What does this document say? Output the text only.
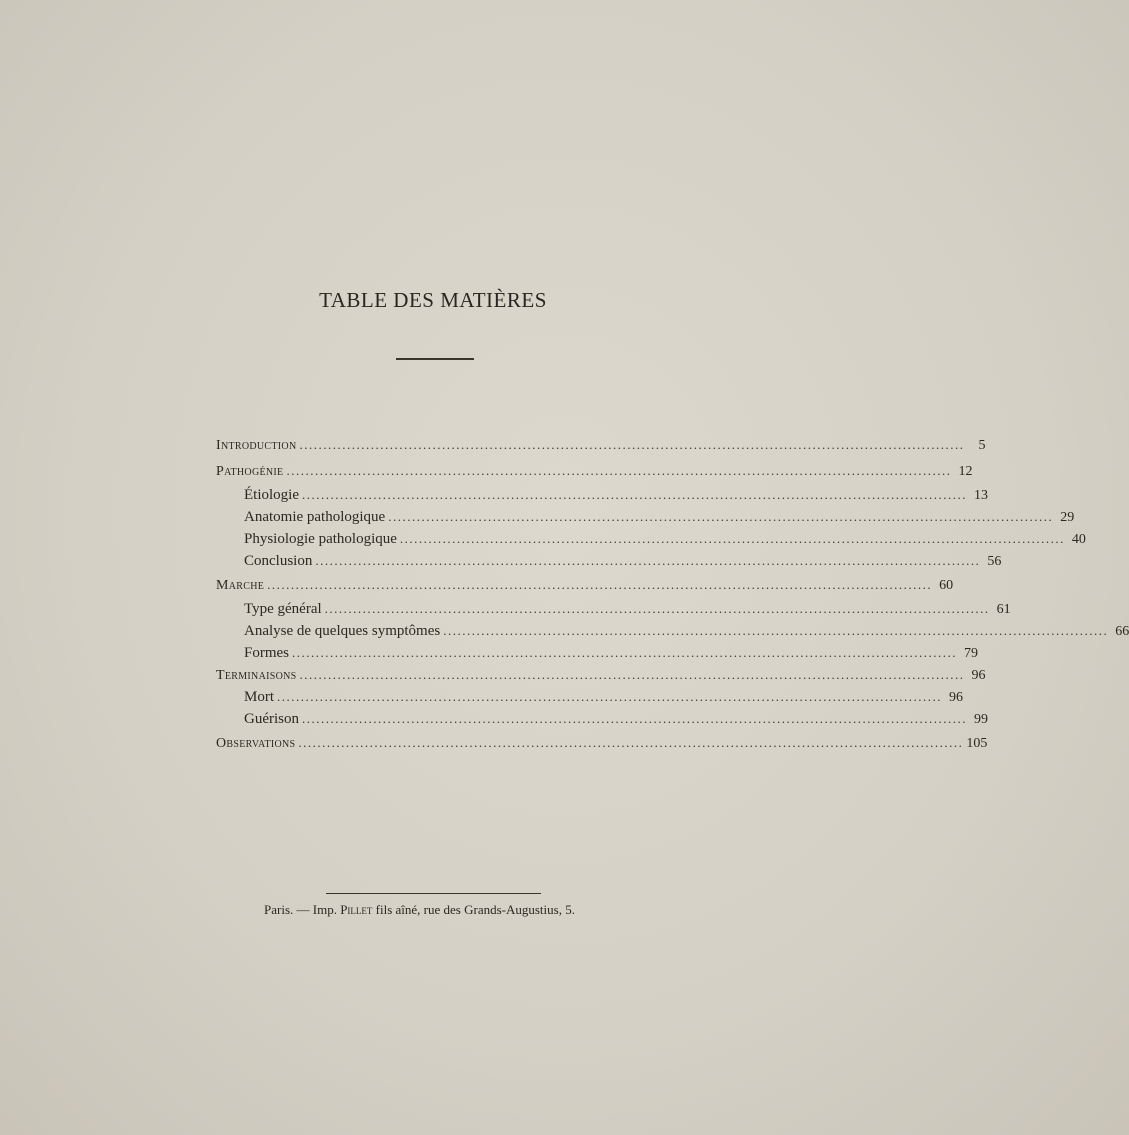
TABLE DES MATIÈRES
Introduction ............................................................................................................................................	5
Pathogénie ............................................................................................................................................ 12
Étiologie ............................................................................................................................................ 13
Anatomie pathologique ............................................................................................................................................ 29
Physiologie pathologique ............................................................................................................................................ 40
Conclusion ............................................................................................................................................ 56
Marche ............................................................................................................................................ 60
Type général ............................................................................................................................................ 61
Analyse de quelques symptômes ............................................................................................................................................ 66
Formes ............................................................................................................................................ 79
Terminaisons ............................................................................................................................................ 96
Mort ............................................................................................................................................ 96
Guérison ............................................................................................................................................ 99
Observations ............................................................................................................................................ 105
Paris. — Imp. Pillet fils aîné, rue des Grands-Augustius, 5.
